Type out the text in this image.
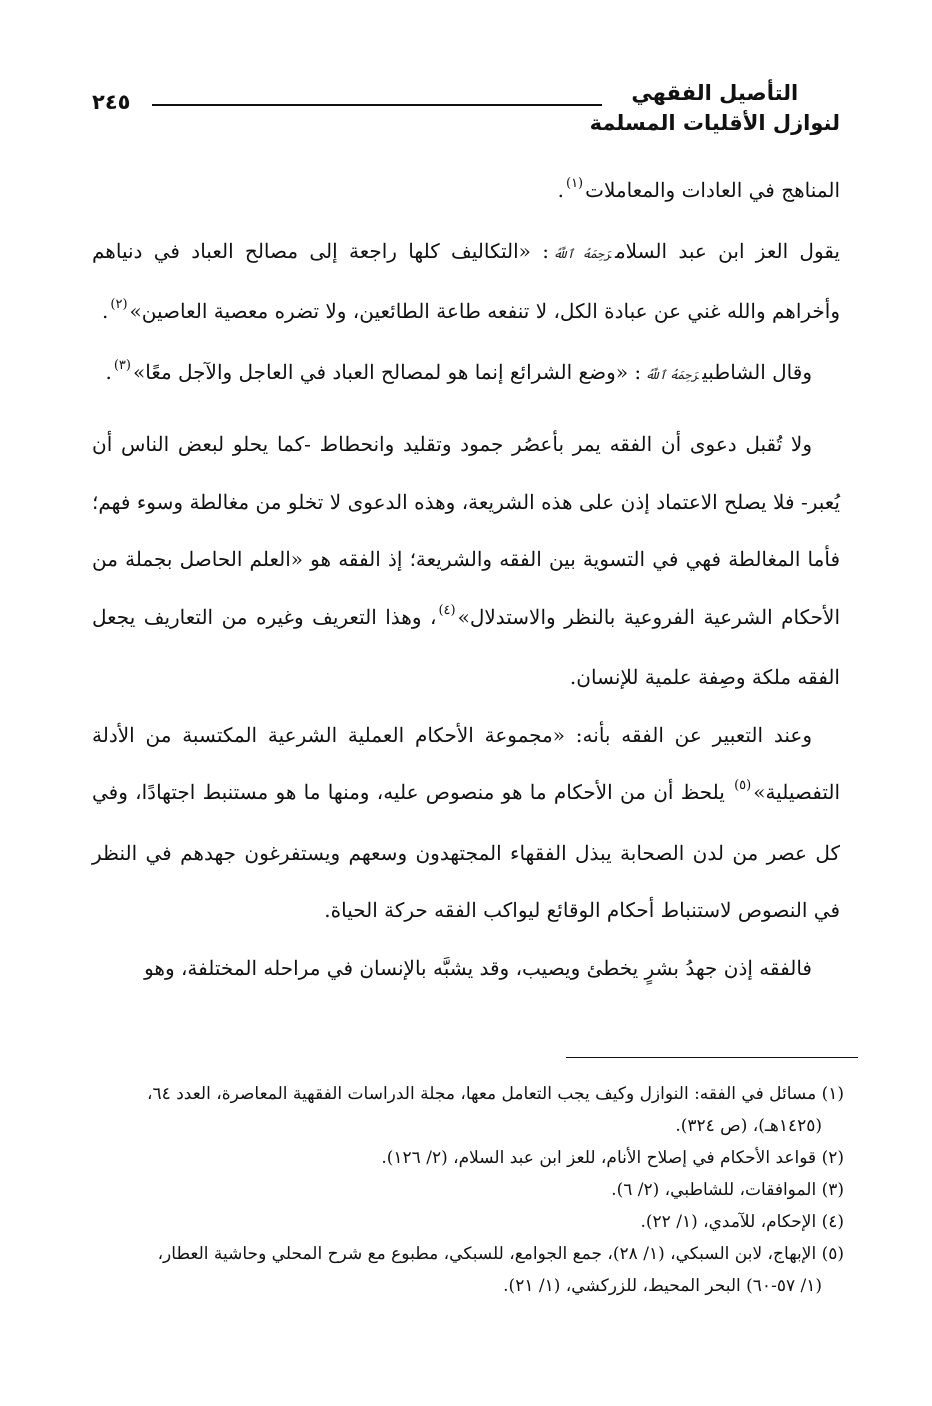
التأصيل الفقهي
لنوازل الأقليات المسلمة
٢٤٥

المناهج في العادات والمعاملات$^{(١)}$.

يقول العز ابن عبد السلامرَحِمَهُ ٱللَّهُ: «التكاليف كلها راجعة إلى مصالح العباد في دنياهم وأخراهم والله غني عن عبادة الكل، لا تنفعه طاعة الطائعين، ولا تضره معصية العاصين»$^{(٢)}$.

وقال الشاطبيرَحِمَهُ ٱللَّهُ: «وضع الشرائع إنما هو لمصالح العباد في العاجل والآجل معًا»$^{(٣)}$.

ولا تُقبل دعوى أن الفقه يمر بأعصُر جمود وتقليد وانحطاط -كما يحلو لبعض الناس أن يُعبر- فلا يصلح الاعتماد إذن على هذه الشريعة، وهذه الدعوى لا تخلو من مغالطة وسوء فهم؛ فأما المغالطة فهي في التسوية بين الفقه والشريعة؛ إذ الفقه هو «العلم الحاصل بجملة من الأحكام الشرعية الفروعية بالنظر والاستدلال»$^{(٤)}$، وهذا التعريف وغيره من التعاريف يجعل الفقه ملكة وصِفة علمية للإنسان.

وعند التعبير عن الفقه بأنه: «مجموعة الأحكام العملية الشرعية المكتسبة من الأدلة التفصيلية»$^{(٥)}$ يلحظ أن من الأحكام ما هو منصوص عليه، ومنها ما هو مستنبط اجتهادًا، وفي كل عصر من لدن الصحابة يبذل الفقهاء المجتهدون وسعهم ويستفرغون جهدهم في النظر في النصوص لاستنباط أحكام الوقائع ليواكب الفقه حركة الحياة.

فالفقه إذن جهدُ بشرٍ يخطئ ويصيب، وقد يشبَّه بالإنسان في مراحله المختلفة، وهو

(١) مسائل في الفقه: النوازل وكيف يجب التعامل معها، مجلة الدراسات الفقهية المعاصرة، العدد ٦٤،

(١٤٢٥هـ)، (ص ٣٢٤).

(٢) قواعد الأحكام في إصلاح الأنام، للعز ابن عبد السلام، (٢/ ١٢٦).

(٣) الموافقات، للشاطبي، (٢/ ٦).

(٤) الإحكام، للآمدي، (١/ ٢٢).

(٥) الإبهاج، لابن السبكي، (١/ ٢٨)، جمع الجوامع، للسبكي، مطبوع مع شرح المحلي وحاشية العطار،

(١/ ٥٧-٦٠) البحر المحيط، للزركشي، (١/ ٢١).
